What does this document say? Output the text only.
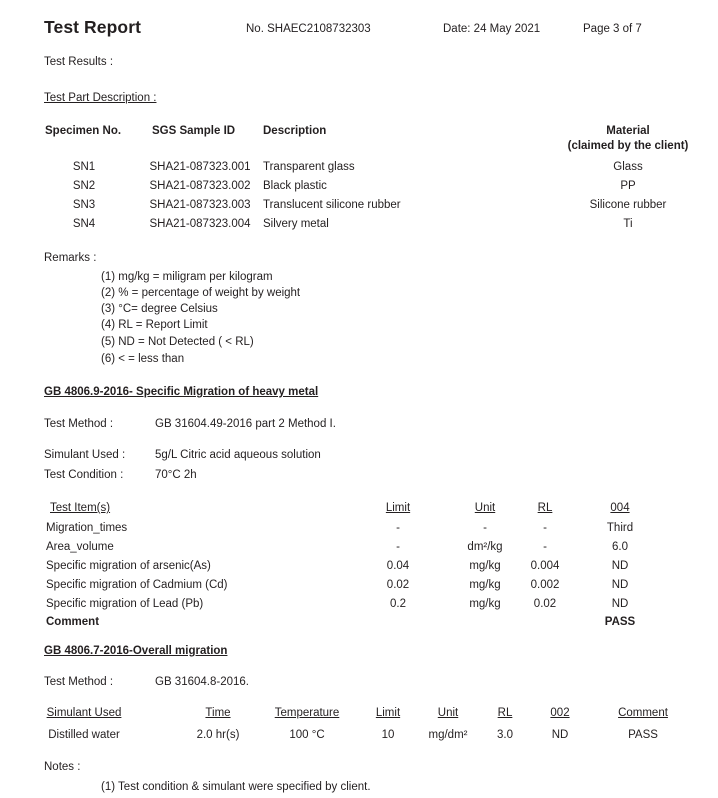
Test Report	No. SHAEC2108732303	Date: 24 May 2021	Page 3 of 7
Test Results :
Test Part Description :
Specimen No.	SGS Sample ID Description	Material
(claimed by the client)
SN1	SHA21-087323.001 Transparent glass	Glass
SN2	SHA21-087323.002 Black plastic	PP
SN3	SHA21-087323.003 Translucent silicone rubber	Silicone rubber
SN4	SHA21-087323.004 Silvery metal	Ti
Remarks :
(1) mg/kg = miligram per kilogram
(2) % = percentage of weight by weight
(3) °C= degree Celsius
(4) RL = Report Limit
(5) ND = Not Detected ( < RL)
(6) < = less than
GB 4806.9-2016- Specific Migration of heavy metal
Test Method :	GB 31604.49-2016 part 2 Method I.
Simulant Used :	5g/L Citric acid aqueous solution
Test Condition :	70°C 2h
Test Item(s)	Limit	Unit	RL	004
Migration_times	-	-	-	Third
Area_volume	-	dm²/kg	-	6.0
Specific migration of arsenic(As)	0.04	mg/kg	0.004	ND
Specific migration of Cadmium (Cd)	0.02	mg/kg	0.002	ND
Specific migration of Lead (Pb)	0.2	mg/kg	0.02	ND
Comment	PASS
GB 4806.7-2016-Overall migration
Test Method :	GB 31604.8-2016.
Simulant Used	Time	Temperature	Limit	Unit	RL	002	Comment
Distilled water	2.0 hr(s)	100 °C	10	mg/dm²	3.0	ND	PASS
Notes :
(1) Test condition & simulant were specified by client.
